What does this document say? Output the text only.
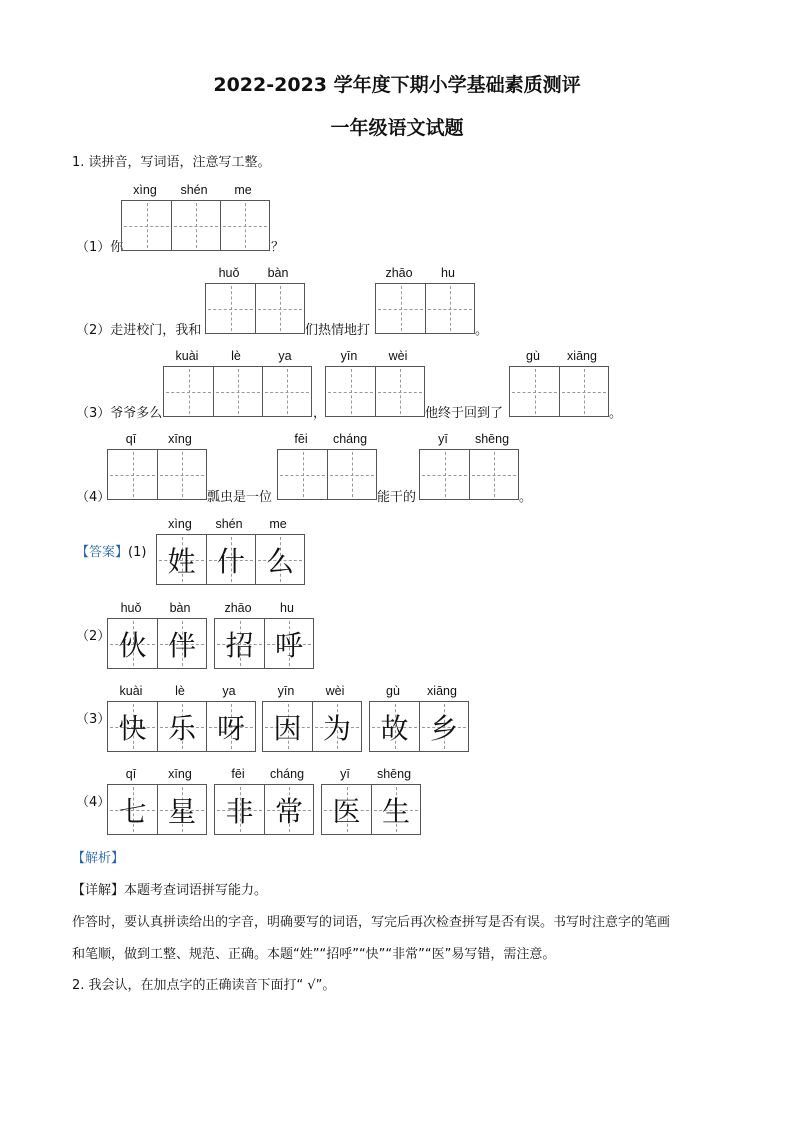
2022-2023 学年度下期小学基础素质测评
一年级语文试题
1. 读拼音，写词语，注意写工整。
xìng	shén	me
（1）你	？
huǒ	bàn
（2）走进校门，我和	们热情地打
zhāo	hu
。
kuài	lè	ya
（3）爷爷多么	，
yīn	wèi
他终于回到了
gù	xiāng
。
（4）
qī	xīng
瓢虫是一位
fēi	cháng
能干的
yī	shēng
。
【答案】(1)
xìng	shén	me
姓 什 么
（2）
huǒ	bàn
伙 伴
zhāo	hu
招 呼
（3）
kuài	lè	ya
快 乐 呀
yīn	wèi
因 为
gù	xiāng
故 乡
（4）
qī	xīng
七 星
fēi	cháng
非 常
yī	shēng
医 生
【解析】
【详解】本题考查词语拼写能力。
作答时，要认真拼读给出的字音，明确要写的词语，写完后再次检查拼写是否有误。书写时注意字的笔画
和笔顺，做到工整、规范、正确。本题“姓”“招呼”“快”“非常”“医”易写错，需注意。
2. 我会认，在加点字的正确读音下面打“ √”。
